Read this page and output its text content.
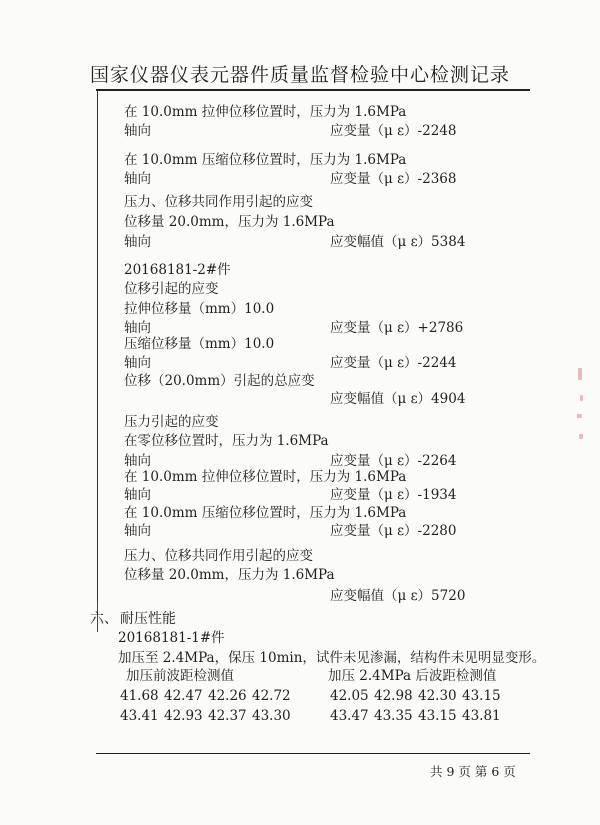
国家仪器仪表元器件质量监督检验中心检测记录
在 10.0mm 拉伸位移位置时，压力为 1.6MPa
轴向	应变量（μ ε）-2248
在 10.0mm 压缩位移位置时，压力为 1.6MPa
轴向	应变量（μ ε）-2368
压力、位移共同作用引起的应变
位移量 20.0mm，压力为 1.6MPa
轴向	应变幅值（μ ε）5384
20168181-2#件
位移引起的应变
拉伸位移量（mm）10.0
轴向	应变量（μ ε）+2786
压缩位移量（mm）10.0
轴向	应变量（μ ε）-2244
位移（20.0mm）引起的总应变
应变幅值（μ ε）4904
压力引起的应变
在零位移位置时，压力为 1.6MPa
轴向	应变量（μ ε）-2264
在 10.0mm 拉伸位移位置时，压力为 1.6MPa
轴向	应变量（μ ε）-1934
在 10.0mm 压缩位移位置时，压力为 1.6MPa
轴向	应变量（μ ε）-2280
压力、位移共同作用引起的应变
位移量 20.0mm，压力为 1.6MPa
应变幅值（μ ε）5720
六、 耐压性能
20168181-1#件
加压至 2.4MPa，保压 10min，试件未见渗漏，结构件未见明显变形。
加压前波距检测值	加压 2.4MPa 后波距检测值
41.68 42.47 42.26 42.72	42.05 42.98 42.30 43.15
43.41 42.93 42.37 43.30	43.47 43.35 43.15 43.81
共 9 页 第 6 页
